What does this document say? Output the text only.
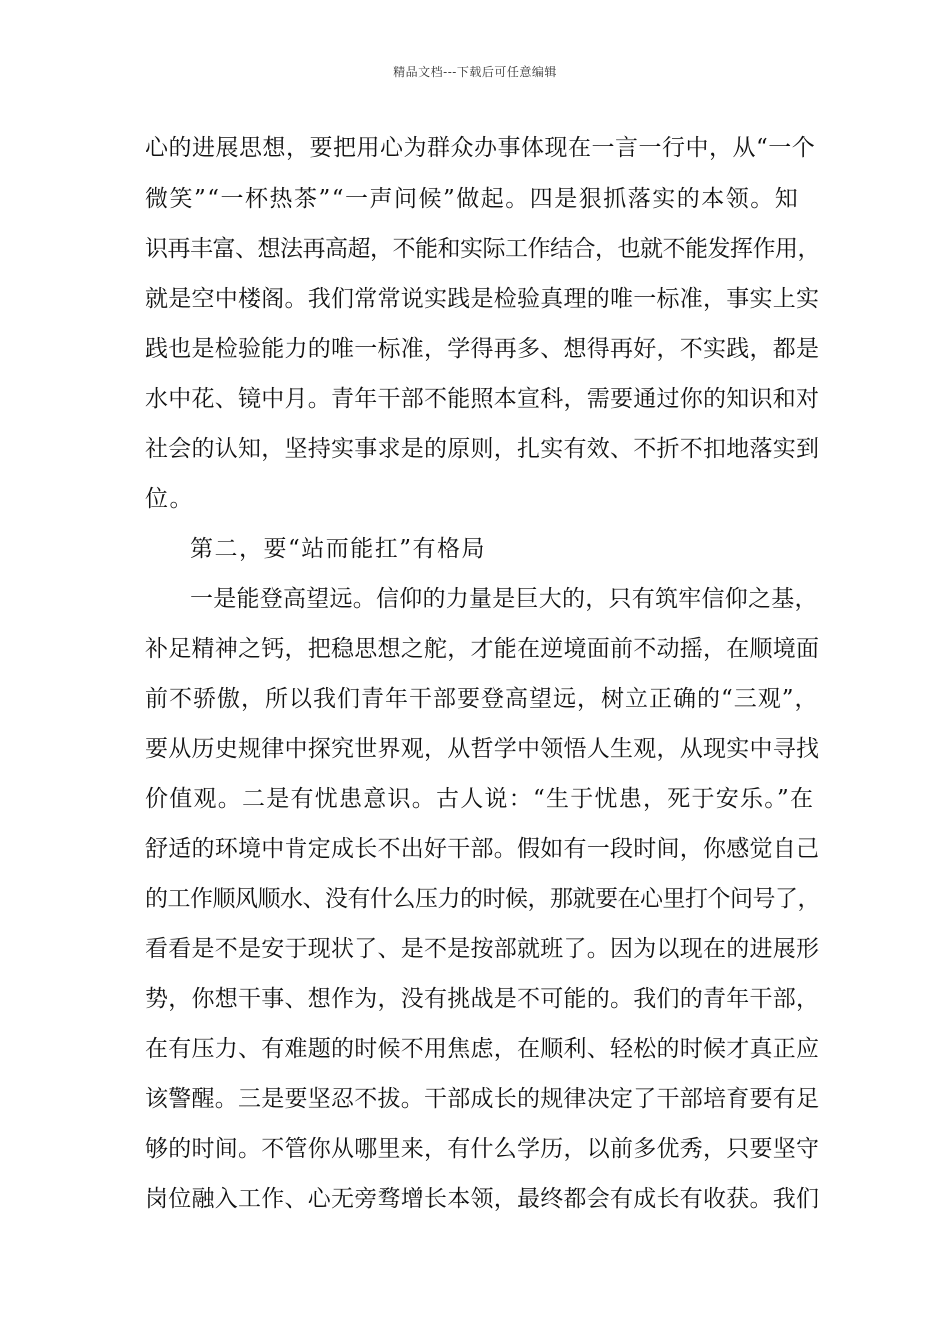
精品文档---下载后可任意编辑
心的进展思想，要把用心为群众办事体现在一言一行中，从“一个
微笑”“一杯热茶”“一声问候”做起。四是狠抓落实的本领。知
识再丰富、想法再高超，不能和实际工作结合，也就不能发挥作用，
就是空中楼阁。我们常常说实践是检验真理的唯一标准，事实上实
践也是检验能力的唯一标准，学得再多、想得再好，不实践，都是
水中花、镜中月。青年干部不能照本宣科，需要通过你的知识和对
社会的认知，坚持实事求是的原则，扎实有效、不折不扣地落实到
位。
第二，要“站而能扛”有格局
一是能登高望远。信仰的力量是巨大的，只有筑牢信仰之基，
补足精神之钙，把稳思想之舵，才能在逆境面前不动摇，在顺境面
前不骄傲，所以我们青年干部要登高望远，树立正确的“三观”，
要从历史规律中探究世界观，从哲学中领悟人生观，从现实中寻找
价值观。二是有忧患意识。古人说：“生于忧患，死于安乐。”在
舒适的环境中肯定成长不出好干部。假如有一段时间，你感觉自己
的工作顺风顺水、没有什么压力的时候，那就要在心里打个问号了，
看看是不是安于现状了、是不是按部就班了。因为以现在的进展形
势，你想干事、想作为，没有挑战是不可能的。我们的青年干部，
在有压力、有难题的时候不用焦虑，在顺利、轻松的时候才真正应
该警醒。三是要坚忍不拔。干部成长的规律决定了干部培育要有足
够的时间。不管你从哪里来，有什么学历，以前多优秀，只要坚守
岗位融入工作、心无旁骛增长本领，最终都会有成长有收获。我们
